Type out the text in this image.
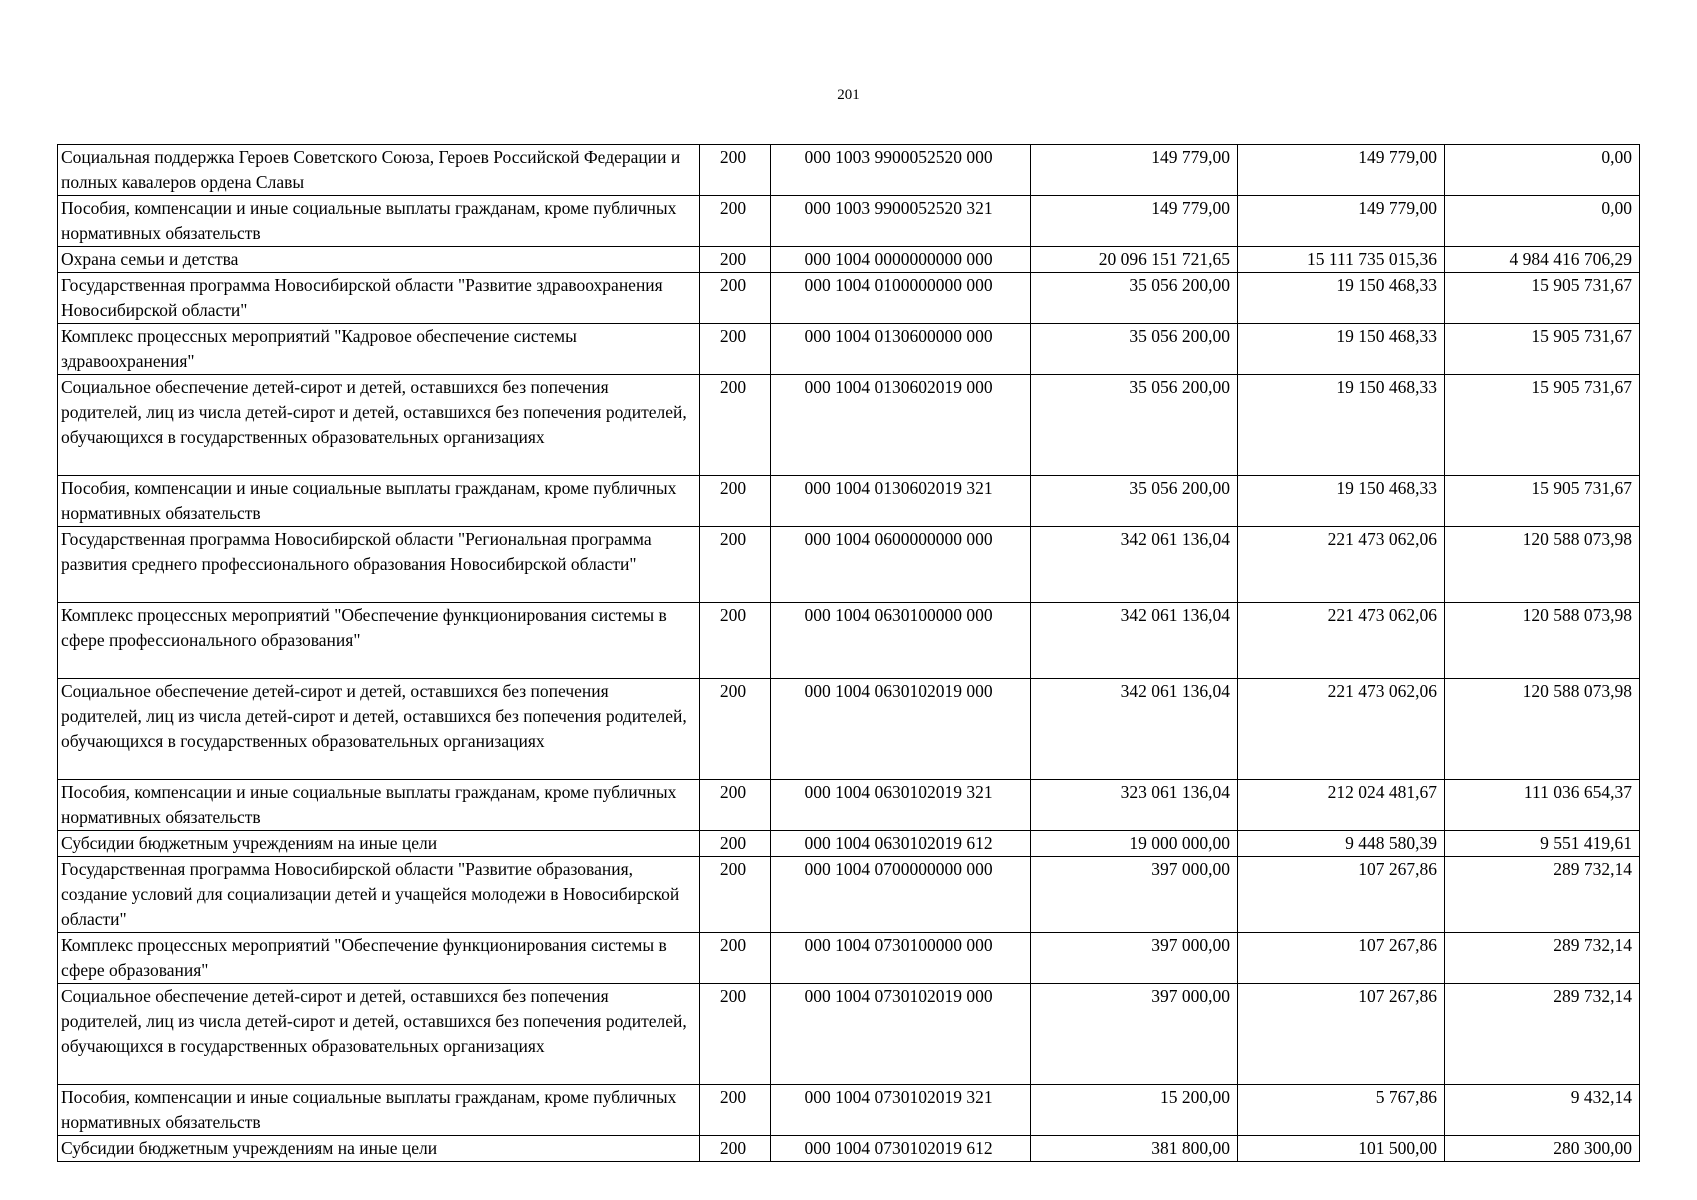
201
Социальная поддержка Героев Советского Союза, Героев Российской Федерации и полных кавалеров ордена Славы	200	000 1003 9900052520 000	149 779,00	149 779,00	0,00
Пособия, компенсации и иные социальные выплаты гражданам, кроме публичных нормативных обязательств	200	000 1003 9900052520 321	149 779,00	149 779,00	0,00
Охрана семьи и детства	200	000 1004 0000000000 000	20 096 151 721,65	15 111 735 015,36	4 984 416 706,29
Государственная программа Новосибирской области "Развитие здравоохранения Новосибирской области"	200	000 1004 0100000000 000	35 056 200,00	19 150 468,33	15 905 731,67
Комплекс процессных мероприятий "Кадровое обеспечение системы здравоохранения"	200	000 1004 0130600000 000	35 056 200,00	19 150 468,33	15 905 731,67
Социальное обеспечение детей-сирот и детей, оставшихся без попечения родителей, лиц из числа детей-сирот и детей, оставшихся без попечения родителей, обучающихся в государственных образовательных организациях	200	000 1004 0130602019 000	35 056 200,00	19 150 468,33	15 905 731,67
Пособия, компенсации и иные социальные выплаты гражданам, кроме публичных нормативных обязательств	200	000 1004 0130602019 321	35 056 200,00	19 150 468,33	15 905 731,67
Государственная программа Новосибирской области "Региональная программа развития среднего профессионального образования Новосибирской области"	200	000 1004 0600000000 000	342 061 136,04	221 473 062,06	120 588 073,98
Комплекс процессных мероприятий "Обеспечение функционирования системы в сфере профессионального образования"	200	000 1004 0630100000 000	342 061 136,04	221 473 062,06	120 588 073,98
Социальное обеспечение детей-сирот и детей, оставшихся без попечения родителей, лиц из числа детей-сирот и детей, оставшихся без попечения родителей, обучающихся в государственных образовательных организациях	200	000 1004 0630102019 000	342 061 136,04	221 473 062,06	120 588 073,98
Пособия, компенсации и иные социальные выплаты гражданам, кроме публичных нормативных обязательств	200	000 1004 0630102019 321	323 061 136,04	212 024 481,67	111 036 654,37
Субсидии бюджетным учреждениям на иные цели	200	000 1004 0630102019 612	19 000 000,00	9 448 580,39	9 551 419,61
Государственная программа Новосибирской области "Развитие образования, создание условий для социализации детей и учащейся молодежи в Новосибирской области"	200	000 1004 0700000000 000	397 000,00	107 267,86	289 732,14
Комплекс процессных мероприятий "Обеспечение функционирования системы в сфере образования"	200	000 1004 0730100000 000	397 000,00	107 267,86	289 732,14
Социальное обеспечение детей-сирот и детей, оставшихся без попечения родителей, лиц из числа детей-сирот и детей, оставшихся без попечения родителей, обучающихся в государственных образовательных организациях	200	000 1004 0730102019 000	397 000,00	107 267,86	289 732,14
Пособия, компенсации и иные социальные выплаты гражданам, кроме публичных нормативных обязательств	200	000 1004 0730102019 321	15 200,00	5 767,86	9 432,14
Субсидии бюджетным учреждениям на иные цели	200	000 1004 0730102019 612	381 800,00	101 500,00	280 300,00
